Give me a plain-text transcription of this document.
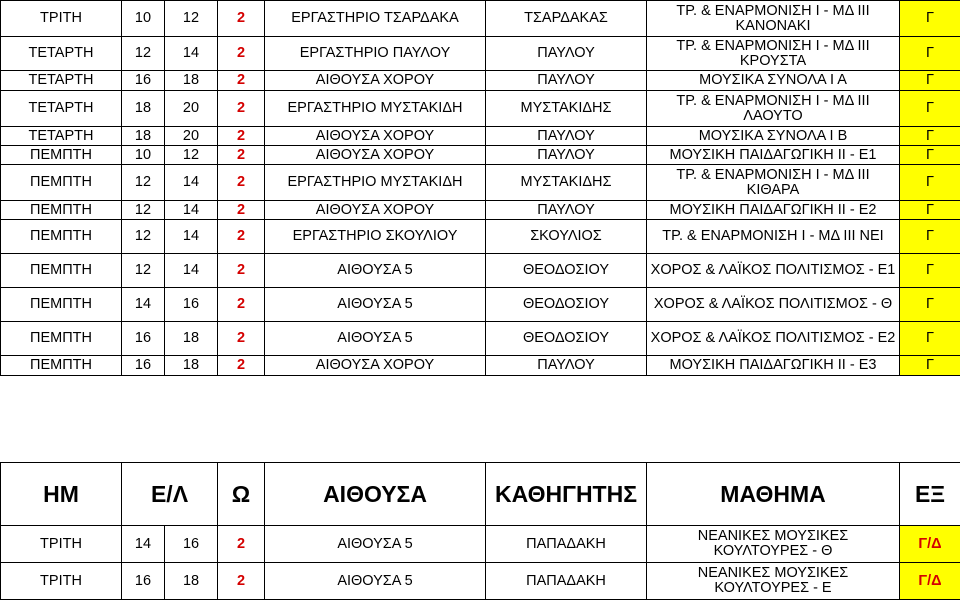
ΤΡΙΤΗ	10	12	2	ΕΡΓΑΣΤΗΡΙΟ ΤΣΑΡΔΑΚΑ	ΤΣΑΡΔΑΚΑΣ	ΤΡ. & ΕΝΑΡΜΟΝΙΣΗ Ι - ΜΔ ΙΙΙ ΚΑΝΟΝΑΚΙ	Γ
ΤΕΤΑΡΤΗ	12	14	2	ΕΡΓΑΣΤΗΡΙΟ ΠΑΥΛΟΥ	ΠΑΥΛΟΥ	ΤΡ. & ΕΝΑΡΜΟΝΙΣΗ Ι - ΜΔ ΙΙΙ ΚΡΟΥΣΤΑ	Γ
ΤΕΤΑΡΤΗ	16	18	2	ΑΙΘΟΥΣΑ ΧΟΡΟΥ	ΠΑΥΛΟΥ	ΜΟΥΣΙΚΑ ΣΥΝΟΛΑ Ι Α	Γ
ΤΕΤΑΡΤΗ	18	20	2	ΕΡΓΑΣΤΗΡΙΟ ΜΥΣΤΑΚΙΔΗ	ΜΥΣΤΑΚΙΔΗΣ	ΤΡ. & ΕΝΑΡΜΟΝΙΣΗ Ι - ΜΔ ΙΙΙ ΛΑΟΥΤΟ	Γ
ΤΕΤΑΡΤΗ	18	20	2	ΑΙΘΟΥΣΑ ΧΟΡΟΥ	ΠΑΥΛΟΥ	ΜΟΥΣΙΚΑ ΣΥΝΟΛΑ Ι Β	Γ
ΠΕΜΠΤΗ	10	12	2	ΑΙΘΟΥΣΑ ΧΟΡΟΥ	ΠΑΥΛΟΥ	ΜΟΥΣΙΚΗ ΠΑΙΔΑΓΩΓΙΚΗ ΙΙ - Ε1	Γ
ΠΕΜΠΤΗ	12	14	2	ΕΡΓΑΣΤΗΡΙΟ ΜΥΣΤΑΚΙΔΗ	ΜΥΣΤΑΚΙΔΗΣ	ΤΡ. & ΕΝΑΡΜΟΝΙΣΗ Ι - ΜΔ ΙΙΙ ΚΙΘΑΡΑ	Γ
ΠΕΜΠΤΗ	12	14	2	ΑΙΘΟΥΣΑ ΧΟΡΟΥ	ΠΑΥΛΟΥ	ΜΟΥΣΙΚΗ ΠΑΙΔΑΓΩΓΙΚΗ ΙΙ - Ε2	Γ
ΠΕΜΠΤΗ	12	14	2	ΕΡΓΑΣΤΗΡΙΟ ΣΚΟΥΛΙΟΥ	ΣΚΟΥΛΙΟΣ	ΤΡ. & ΕΝΑΡΜΟΝΙΣΗ Ι - ΜΔ ΙΙΙ ΝΕΙ	Γ
ΠΕΜΠΤΗ	12	14	2	ΑΙΘΟΥΣΑ 5	ΘΕΟΔΟΣΙΟΥ	ΧΟΡΟΣ & ΛΑΪΚΟΣ ΠΟΛΙΤΙΣΜΟΣ - Ε1	Γ
ΠΕΜΠΤΗ	14	16	2	ΑΙΘΟΥΣΑ 5	ΘΕΟΔΟΣΙΟΥ	ΧΟΡΟΣ & ΛΑΪΚΟΣ ΠΟΛΙΤΙΣΜΟΣ - Θ	Γ
ΠΕΜΠΤΗ	16	18	2	ΑΙΘΟΥΣΑ 5	ΘΕΟΔΟΣΙΟΥ	ΧΟΡΟΣ & ΛΑΪΚΟΣ ΠΟΛΙΤΙΣΜΟΣ - Ε2	Γ
ΠΕΜΠΤΗ	16	18	2	ΑΙΘΟΥΣΑ ΧΟΡΟΥ	ΠΑΥΛΟΥ	ΜΟΥΣΙΚΗ ΠΑΙΔΑΓΩΓΙΚΗ ΙΙ - Ε3	Γ
ΗΜ	Ε/Λ		Ω	ΑΙΘΟΥΣΑ	ΚΑΘΗΓΗΤΗΣ	ΜΑΘΗΜΑ	ΕΞ
ΤΡΙΤΗ	14	16	2	ΑΙΘΟΥΣΑ 5	ΠΑΠΑΔΑΚΗ	ΝΕΑΝΙΚΕΣ ΜΟΥΣΙΚΕΣ ΚΟΥΛΤΟΥΡΕΣ - Θ	Γ/Δ
ΤΡΙΤΗ	16	18	2	ΑΙΘΟΥΣΑ 5	ΠΑΠΑΔΑΚΗ	ΝΕΑΝΙΚΕΣ ΜΟΥΣΙΚΕΣ ΚΟΥΛΤΟΥΡΕΣ - Ε	Γ/Δ
